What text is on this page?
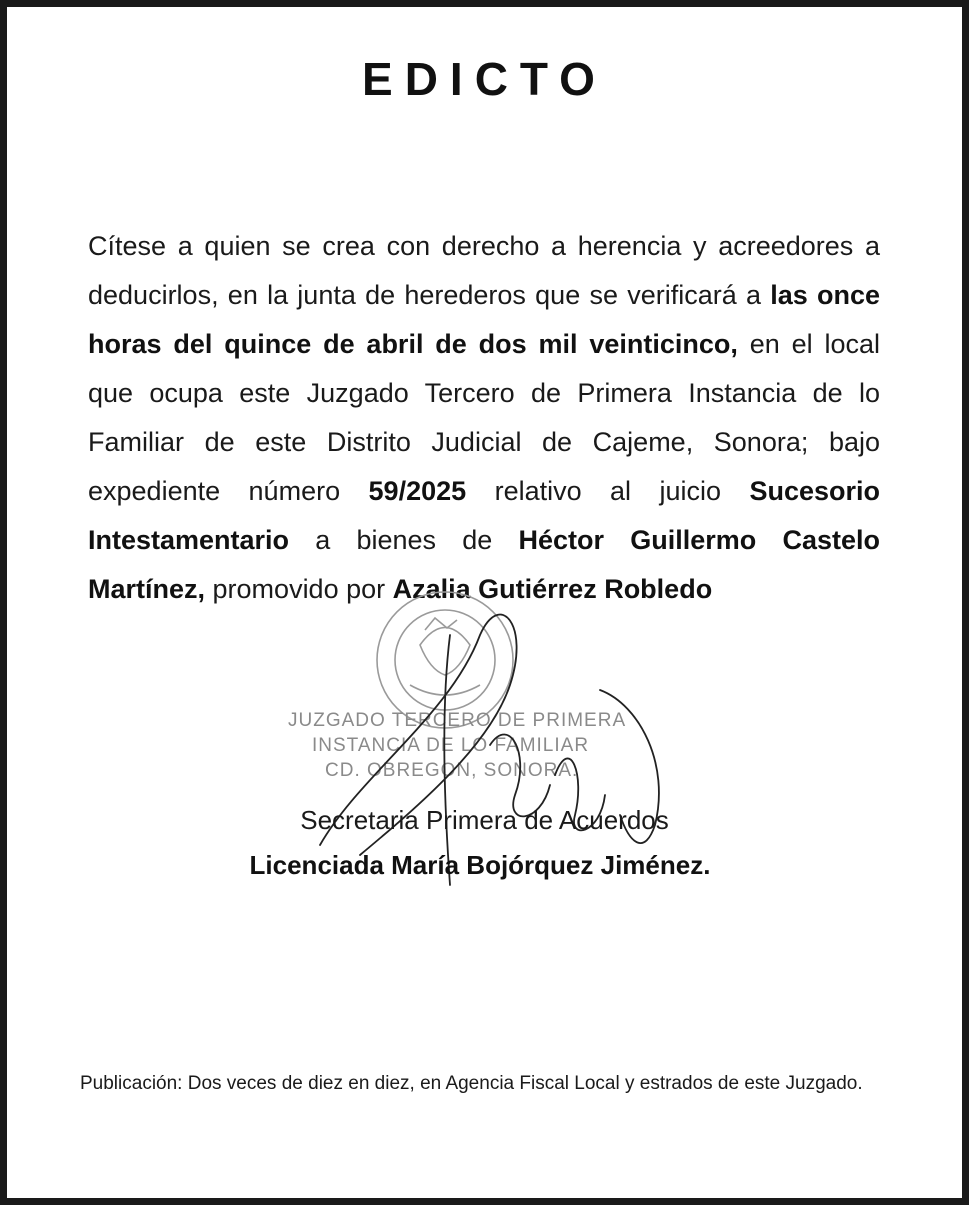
EDICTO

Cítese a quien se crea con derecho a herencia y acreedores a deducirlos, en la junta de herederos que se verificará a las once horas del quince de abril de dos mil veinticinco, en el local que ocupa este Juzgado Tercero de Primera Instancia de lo Familiar de este Distrito Judicial de Cajeme, Sonora; bajo expediente número 59/2025 relativo al juicio Sucesorio Intestamentario a bienes de Héctor Guillermo Castelo Martínez, promovido por Azalia Gutiérrez Robledo

JUZGADO TERCERO DE PRIMERA
INSTANCIA DE LO FAMILIAR
CD. OBREGON, SONORA.
Secretaria Primera de Acuerdos
Licenciada María Bojórquez Jiménez.

Publicación: Dos veces de diez en diez, en Agencia Fiscal Local y estrados de este Juzgado.
